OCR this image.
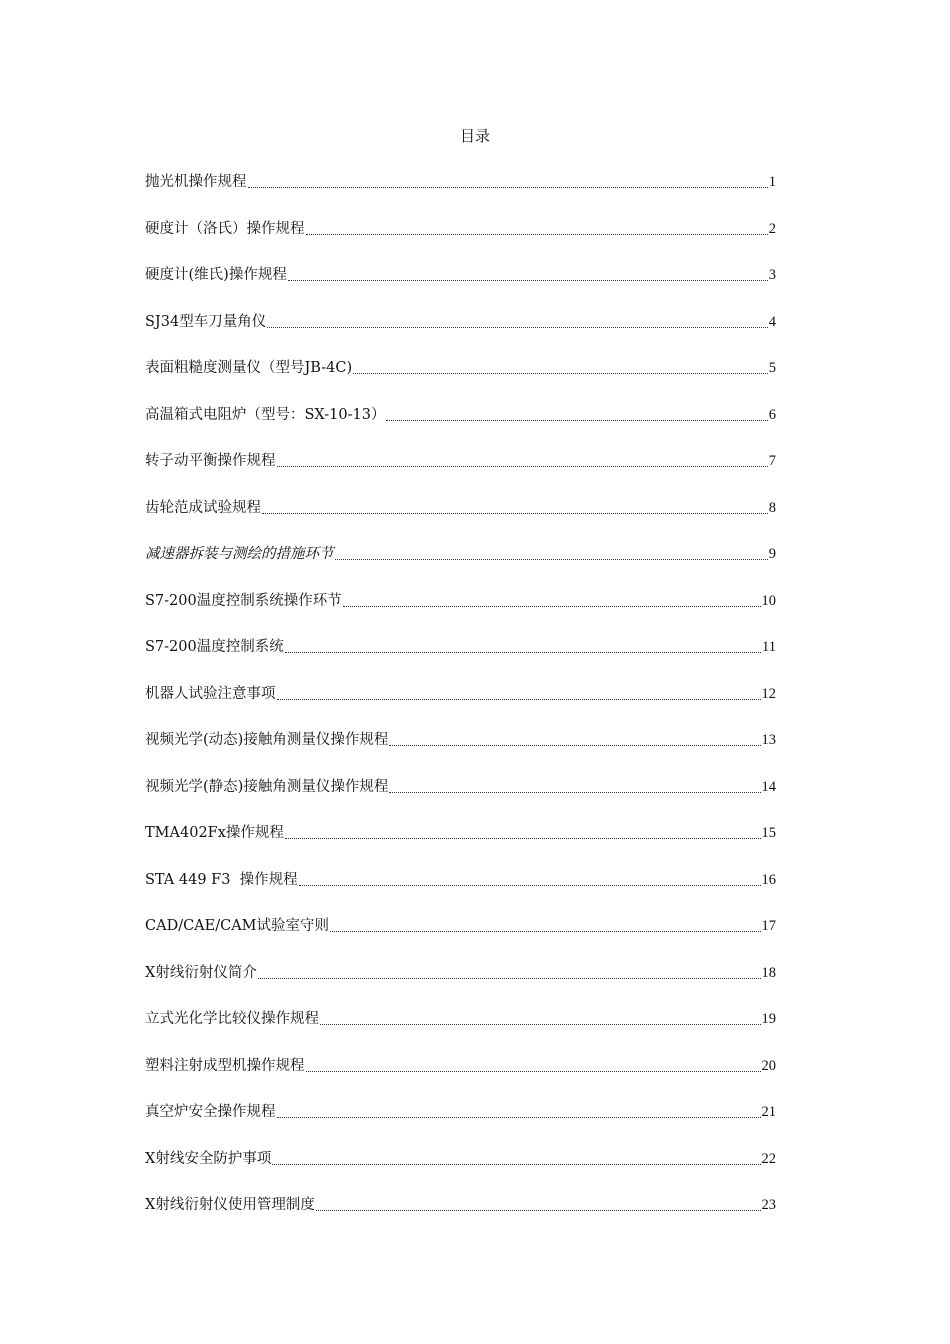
目录
抛光机操作规程	1
硬度计（洛氏）操作规程	2
硬度计(维氏)操作规程	3
SJ34型车刀量角仪	4
表面粗糙度测量仪（型号JB-4C)	5
高温箱式电阻炉（型号：SX-10-13）	6
转子动平衡操作规程	7
齿轮范成试验规程	8
减速器拆装与测绘的措施环节	9
S7-200温度控制系统操作环节	10
S7-200温度控制系统	11
机器人试验注意事项	12
视频光学(动态)接触角测量仪操作规程	13
视频光学(静态)接触角测量仪操作规程	14
TMA402Fx操作规程	15
STA 449 F3  操作规程	16
CAD/CAE/CAM试验室守则	17
X射线衍射仪简介	18
立式光化学比较仪操作规程	19
塑料注射成型机操作规程	20
真空炉安全操作规程	21
X射线安全防护事项	22
X射线衍射仪使用管理制度	23
